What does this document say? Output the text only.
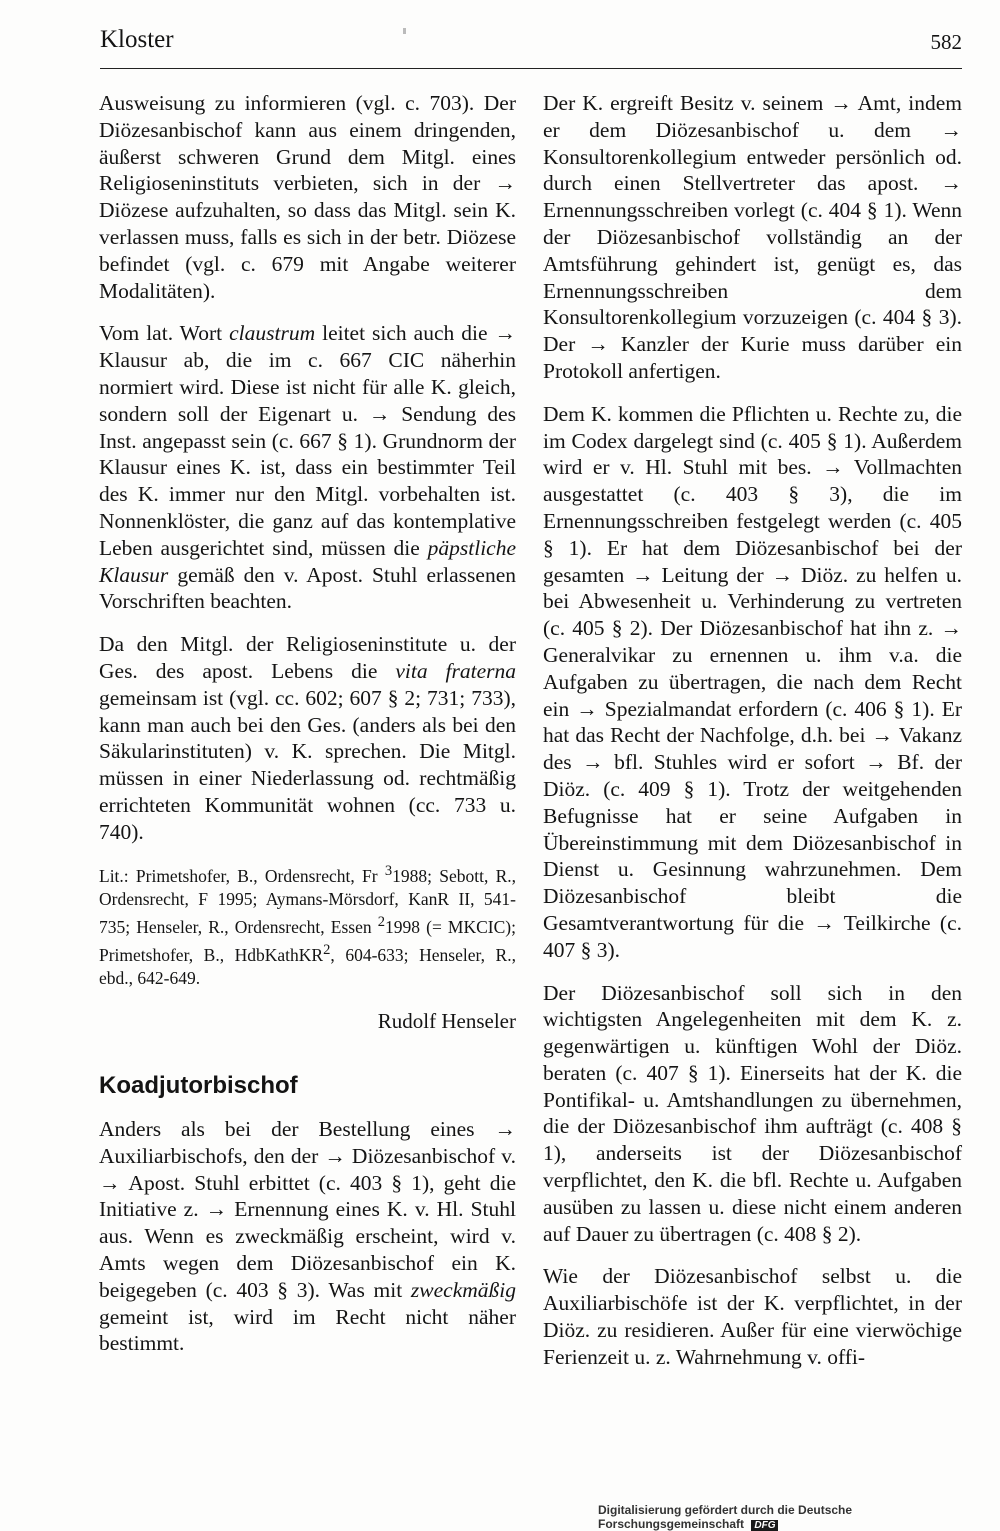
Kloster	582

Ausweisung zu informieren (vgl. c. 703). Der Diözesanbischof kann aus einem dringenden, äußerst schweren Grund dem Mitgl. eines Religioseninstituts verbieten, sich in der → Diözese aufzuhalten, so dass das Mitgl. sein K. verlassen muss, falls es sich in der betr. Diözese befindet (vgl. c. 679 mit Angabe weiterer Modalitäten).

Vom lat. Wort claustrum leitet sich auch die → Klausur ab, die im c. 667 CIC näherhin normiert wird. Diese ist nicht für alle K. gleich, sondern soll der Eigenart u. → Sendung des Inst. angepasst sein (c. 667 § 1). Grundnorm der Klausur eines K. ist, dass ein bestimmter Teil des K. immer nur den Mitgl. vorbehalten ist. Nonnenklöster, die ganz auf das kontemplative Leben ausgerichtet sind, müssen die päpstliche Klausur gemäß den v. Apost. Stuhl erlassenen Vorschriften beachten.

Da den Mitgl. der Religioseninstitute u. der Ges. des apost. Lebens die vita fraterna gemeinsam ist (vgl. cc. 602; 607 § 2; 731; 733), kann man auch bei den Ges. (anders als bei den Säkularinstituten) v. K. sprechen. Die Mitgl. müssen in einer Niederlassung od. rechtmäßig errichteten Kommunität wohnen (cc. 733 u. 740).

Lit.: Primetshofer, B., Ordensrecht, Fr $^3$1988; Sebott, R., Ordensrecht, F 1995; Aymans-Mörsdorf, KanR II, 541-735; Henseler, R., Ordensrecht, Essen $^2$1998 (= MKCIC); Primetshofer, B., HdbKathKR$^2$, 604-633; Henseler, R., ebd., 642-649.
Rudolf Henseler
Koadjutorbischof

Anders als bei der Bestellung eines → Auxiliarbischofs, den der → Diözesanbischof v. → Apost. Stuhl erbittet (c. 403 § 1), geht die Initiative z. → Ernennung eines K. v. Hl. Stuhl aus. Wenn es zweckmäßig erscheint, wird v. Amts wegen dem Diözesanbischof ein K. beigegeben (c. 403 § 3). Was mit zweckmäßig gemeint ist, wird im Recht nicht näher bestimmt.

Der K. ergreift Besitz v. seinem → Amt, indem er dem Diözesanbischof u. dem → Konsultorenkollegium entweder persönlich od. durch einen Stellvertreter das apost. → Ernennungsschreiben vorlegt (c. 404 § 1). Wenn der Diözesanbischof vollständig an der Amtsführung gehindert ist, genügt es, das Ernennungsschreiben dem Konsultorenkollegium vorzuzeigen (c. 404 § 3). Der → Kanzler der Kurie muss darüber ein Protokoll anfertigen.

Dem K. kommen die Pflichten u. Rechte zu, die im Codex dargelegt sind (c. 405 § 1). Außerdem wird er v. Hl. Stuhl mit bes. → Vollmachten ausgestattet (c. 403 § 3), die im Ernennungsschreiben festgelegt werden (c. 405 § 1). Er hat dem Diözesanbischof bei der gesamten → Leitung der → Diöz. zu helfen u. bei Abwesenheit u. Verhinderung zu vertreten (c. 405 § 2). Der Diözesanbischof hat ihn z. → Generalvikar zu ernennen u. ihm v.a. die Aufgaben zu übertragen, die nach dem Recht ein → Spezialmandat erfordern (c. 406 § 1). Er hat das Recht der Nachfolge, d.h. bei → Vakanz des → bfl. Stuhles wird er sofort → Bf. der Diöz. (c. 409 § 1). Trotz der weitgehenden Befugnisse hat er seine Aufgaben in Übereinstimmung mit dem Diözesanbischof in Dienst u. Gesinnung wahrzunehmen. Dem Diözesanbischof bleibt die Gesamtverantwortung für die → Teilkirche (c. 407 § 3).

Der Diözesanbischof soll sich in den wichtigsten Angelegenheiten mit dem K. z. gegenwärtigen u. künftigen Wohl der Diöz. beraten (c. 407 § 1). Einerseits hat der K. die Pontifikal- u. Amtshandlungen zu übernehmen, die der Diözesanbischof ihm aufträgt (c. 408 § 1), anderseits ist der Diözesanbischof verpflichtet, den K. die bfl. Rechte u. Aufgaben ausüben zu lassen u. diese nicht einem anderen auf Dauer zu übertragen (c. 408 § 2).

Wie der Diözesanbischof selbst u. die Auxiliarbischöfe ist der K. verpflichtet, in der Diöz. zu residieren. Außer für eine vierwöchige Ferienzeit u. z. Wahrnehmung v. offi-

Digitalisierung gefördert durch die Deutsche Forschungsgemeinschaft DFG
